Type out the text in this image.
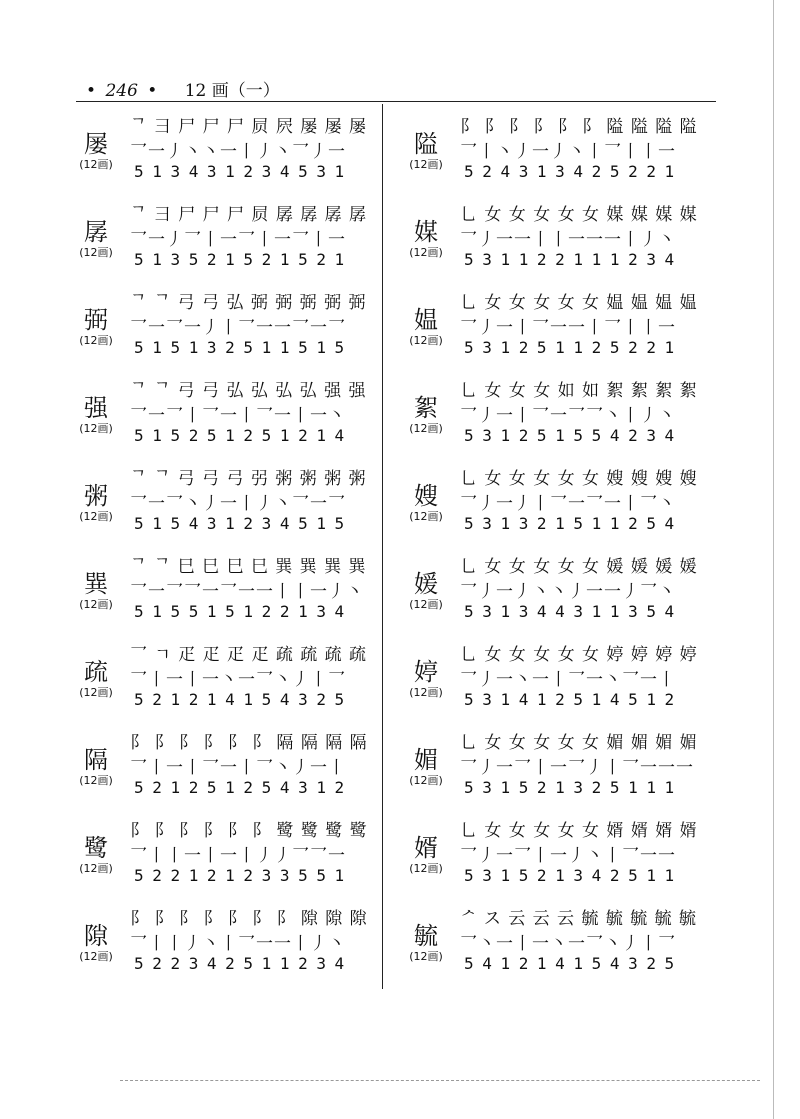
• 246 • 12 画（一）
屡
(12画)
ᄀ ⺕ 尸 尸 尸 屃 屄 屡 屡 屡
乛一丿丶丶一丨丿丶乛丿一
513431234531
孱
(12画)
ᄀ ⺕ 尸 尸 尸 屃 孱 孱 孱 孱
乛一丿乛丨一乛丨一乛丨一
513521521521
弼
(12画)
ᄀ ᄀ 弓 弓 弘 弼 弼 弼 弼 弼
乛一乛一丿丨乛一一乛一乛
515132511515
强
(12画)
ᄀ ᄀ 弓 弓 弘 弘 弘 弘 强 强
乛一乛丨乛一丨乛一丨一丶
515251251214
粥
(12画)
ᄀ ᄀ 弓 弓 弓 弜 粥 粥 粥 粥
乛一乛丶丿一丨丿丶乛一乛
515431234515
巽
(12画)
ᄀ ᄀ 巳 巳 巳 巳 巽 巽 巽 巽
乛一乛乛一乛一一丨丨一丿丶
515515122134
疏
(12画)
乛 ㄱ 疋 疋 疋 疋 疏 疏 疏 疏
乛丨一丨一丶一乛丶丿丨乛
521214154325
隔
(12画)
阝 阝 阝 阝 阝 阝 隔 隔 隔 隔
乛丨一丨乛一丨乛丶丿一丨
521251254312
鹭
(12画)
阝 阝 阝 阝 阝 阝 鹭 鹭 鹭 鹭
乛丨丨一丨一丨丿丿乛乛一
522121233551
隙
(12画)
阝 阝 阝 阝 阝 阝 阝 隙 隙 隙
乛丨丨丿丶丨乛一一丨丿丶
522342511234
隘
(12画)
阝 阝 阝 阝 阝 阝 隘 隘 隘 隘
乛丨丶丿一丿丶丨乛丨丨一
524313425221
媒
(12画)
乚 女 女 女 女 女 媒 媒 媒 媒
乛丿一一丨丨一一一丨丿丶
531122111234
媪
(12画)
乚 女 女 女 女 女 媪 媪 媪 媪
乛丿一丨乛一一丨乛丨丨一
531251125221
絮
(12画)
乚 女 女 女 如 如 絮 絮 絮 絮
乛丿一丨乛一乛乛丶丨丿丶
531251554234
嫂
(12画)
乚 女 女 女 女 女 嫂 嫂 嫂 嫂
乛丿一丿丨乛一乛一丨乛丶
531321511254
媛
(12画)
乚 女 女 女 女 女 媛 媛 媛 媛
乛丿一丿丶丶丿一一丿乛丶
531344311354
婷
(12画)
乚 女 女 女 女 女 婷 婷 婷 婷
乛丿一丶一丨乛一丶乛一丨
531412514512
媚
(12画)
乚 女 女 女 女 女 媚 媚 媚 媚
乛丿一乛丨一乛丿丨乛一一一
531521325111
婿
(12画)
乚 女 女 女 女 女 婿 婿 婿 婿
乛丿一乛丨一丿丶丨乛一一
531521342511
毓
(12画)
ᄼ ス 云 云 云 毓 毓 毓 毓 毓
乛丶一丨一丶一乛丶丿丨乛
541214154325
